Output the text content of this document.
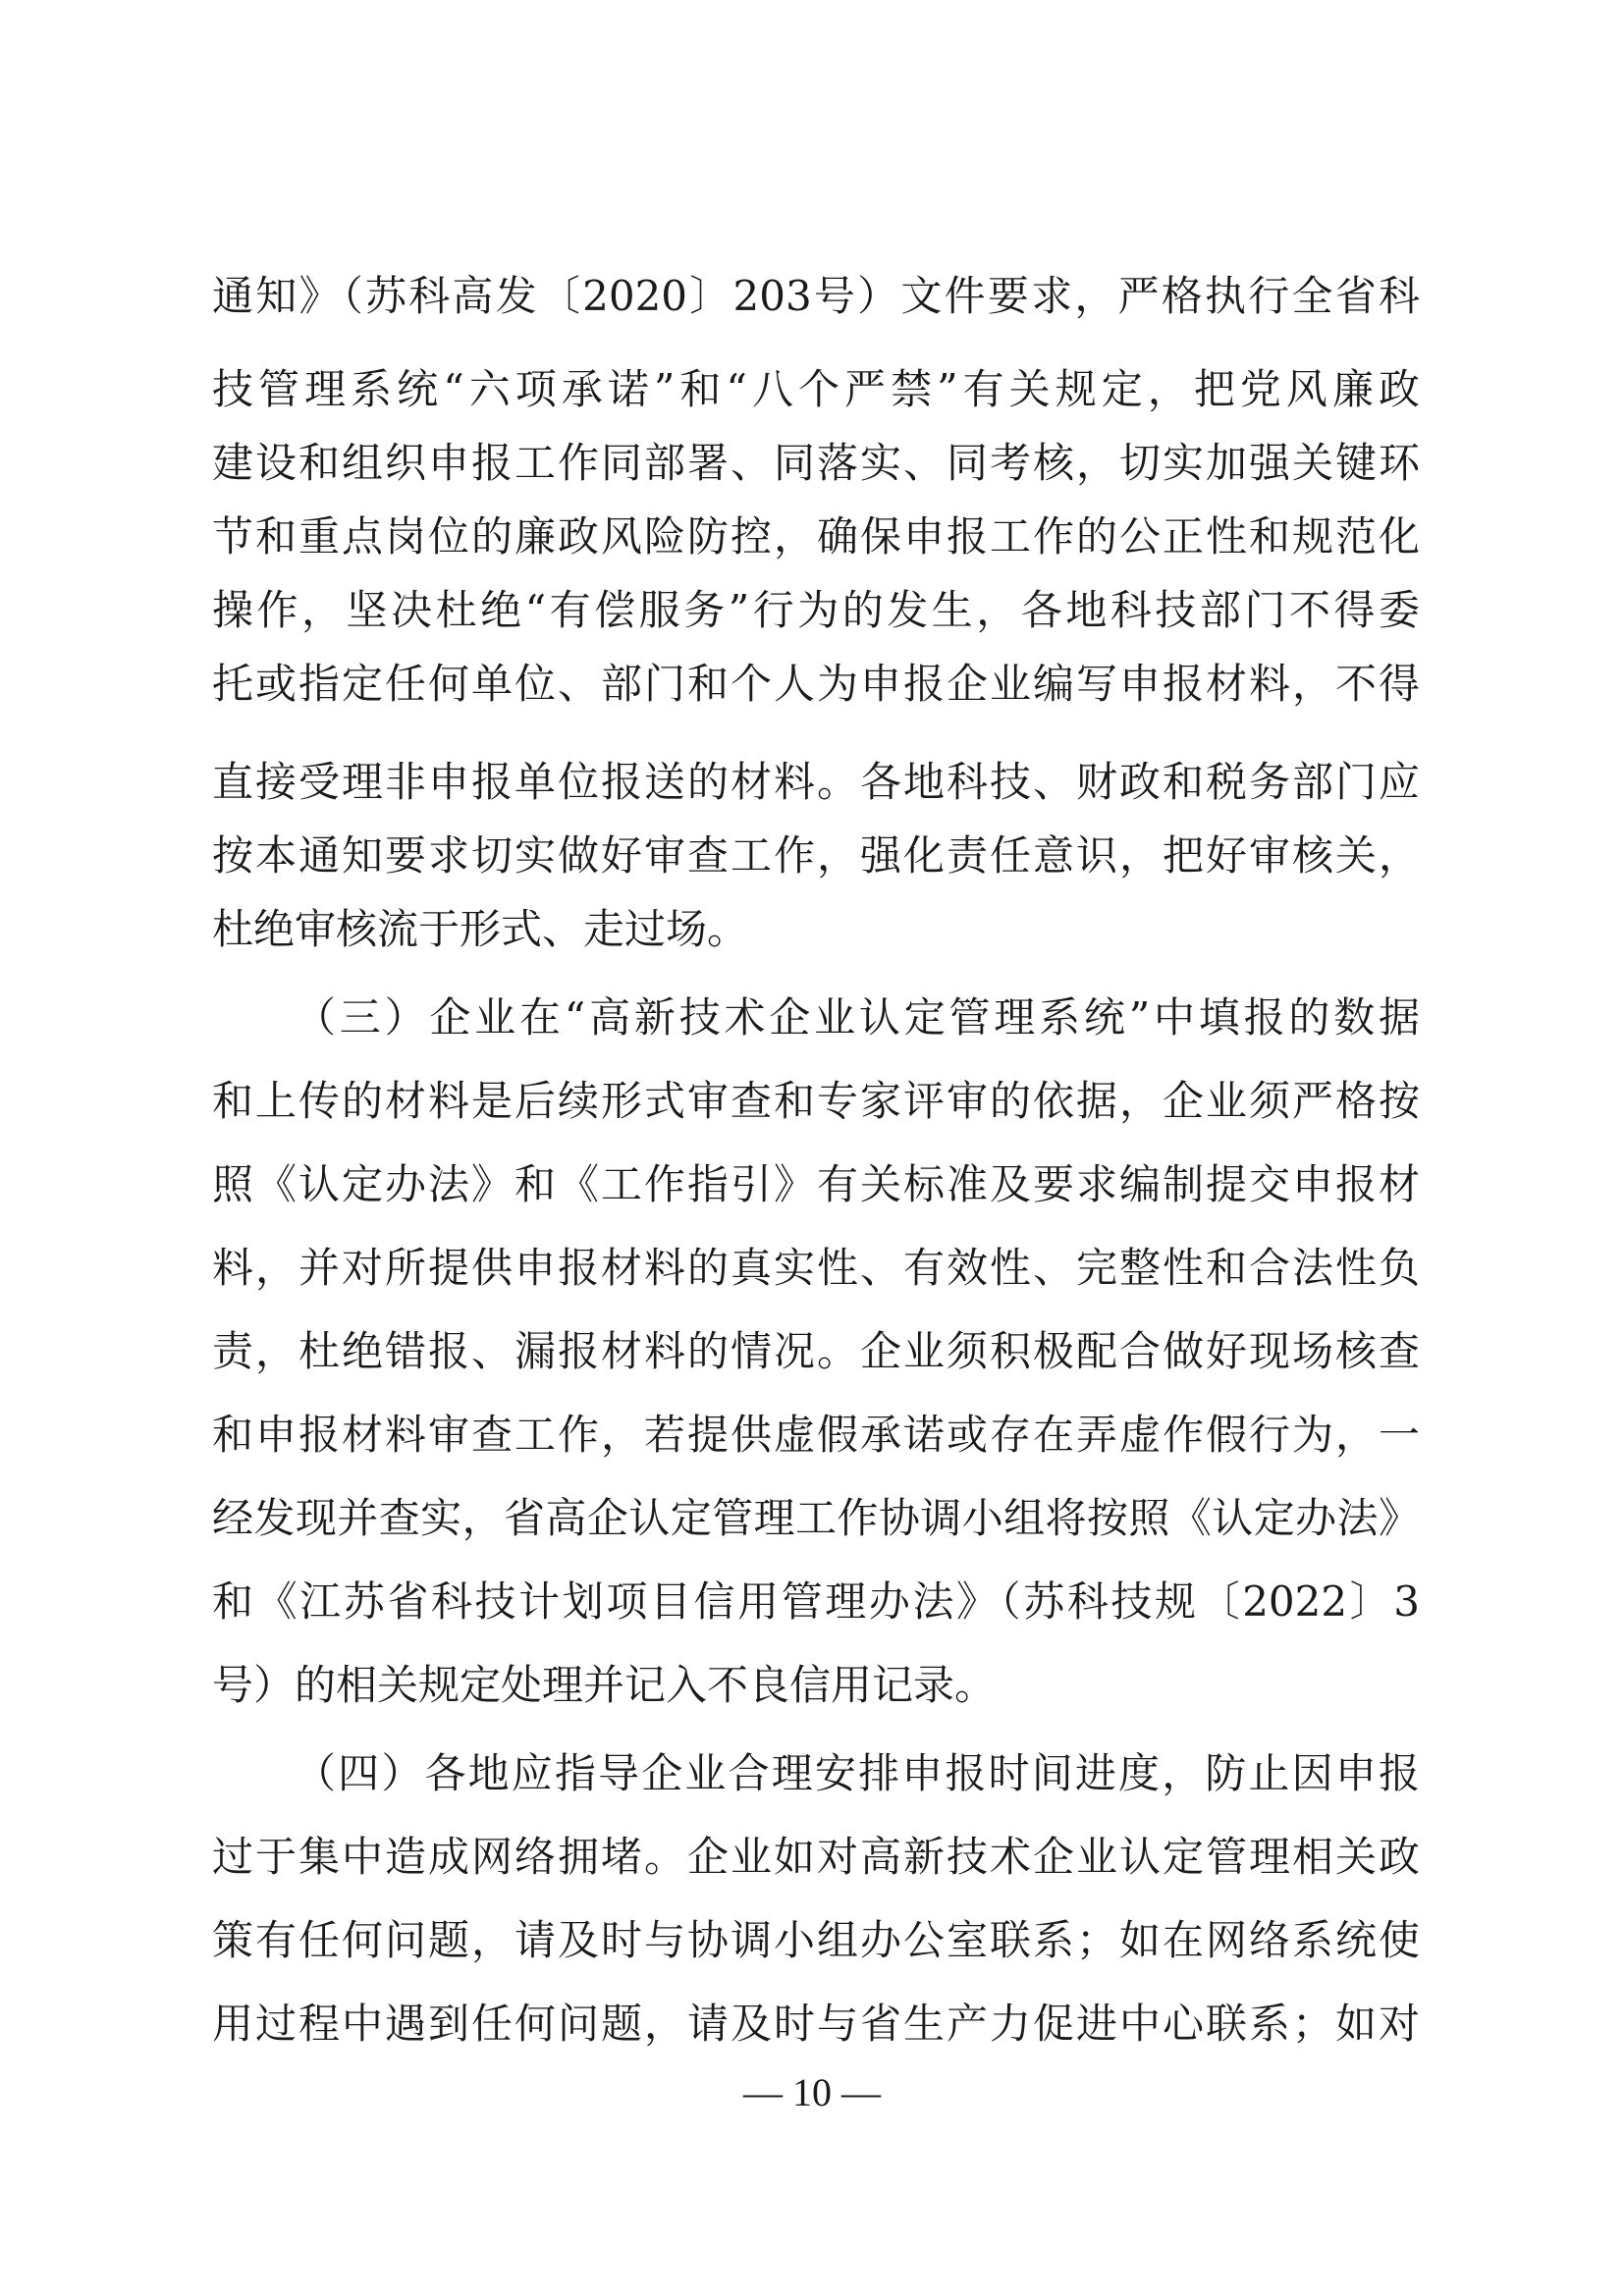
通知》（苏科高发〔2020〕203号）文件要求，严格执行全省科
技管理系统“六项承诺”和“八个严禁”有关规定，把党风廉政
建设和组织申报工作同部署、同落实、同考核，切实加强关键环
节和重点岗位的廉政风险防控，确保申报工作的公正性和规范化
操作，坚决杜绝“有偿服务”行为的发生，各地科技部门不得委
托或指定任何单位、部门和个人为申报企业编写申报材料，不得
直接受理非申报单位报送的材料。各地科技、财政和税务部门应
按本通知要求切实做好审查工作，强化责任意识，把好审核关，
杜绝审核流于形式、走过场。
（三）企业在“高新技术企业认定管理系统”中填报的数据
和上传的材料是后续形式审查和专家评审的依据，企业须严格按
照《认定办法》和《工作指引》有关标准及要求编制提交申报材
料，并对所提供申报材料的真实性、有效性、完整性和合法性负
责，杜绝错报、漏报材料的情况。企业须积极配合做好现场核查
和申报材料审查工作，若提供虚假承诺或存在弄虚作假行为，一
经发现并查实，省高企认定管理工作协调小组将按照《认定办法》
和《江苏省科技计划项目信用管理办法》（苏科技规〔2022〕3
号）的相关规定处理并记入不良信用记录。
（四）各地应指导企业合理安排申报时间进度，防止因申报
过于集中造成网络拥堵。企业如对高新技术企业认定管理相关政
策有任何问题，请及时与协调小组办公室联系；如在网络系统使
用过程中遇到任何问题，请及时与省生产力促进中心联系；如对
— 10 —
